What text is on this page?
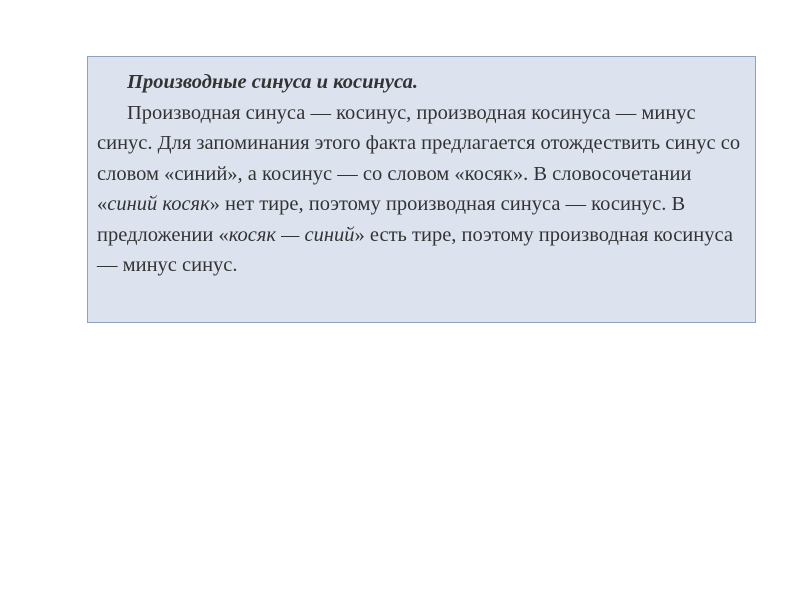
Производные синуса и косинуса.

Производная синуса — косинус, производная косинуса — минус синус. Для запоминания этого факта предлагается отождествить синус со словом «синий», а косинус — со словом «косяк». В словосочетании «синий косяк» нет тире, поэтому производная синуса — косинус. В предложении «косяк — синий» есть тире, поэтому производная косинуса — минус синус.
